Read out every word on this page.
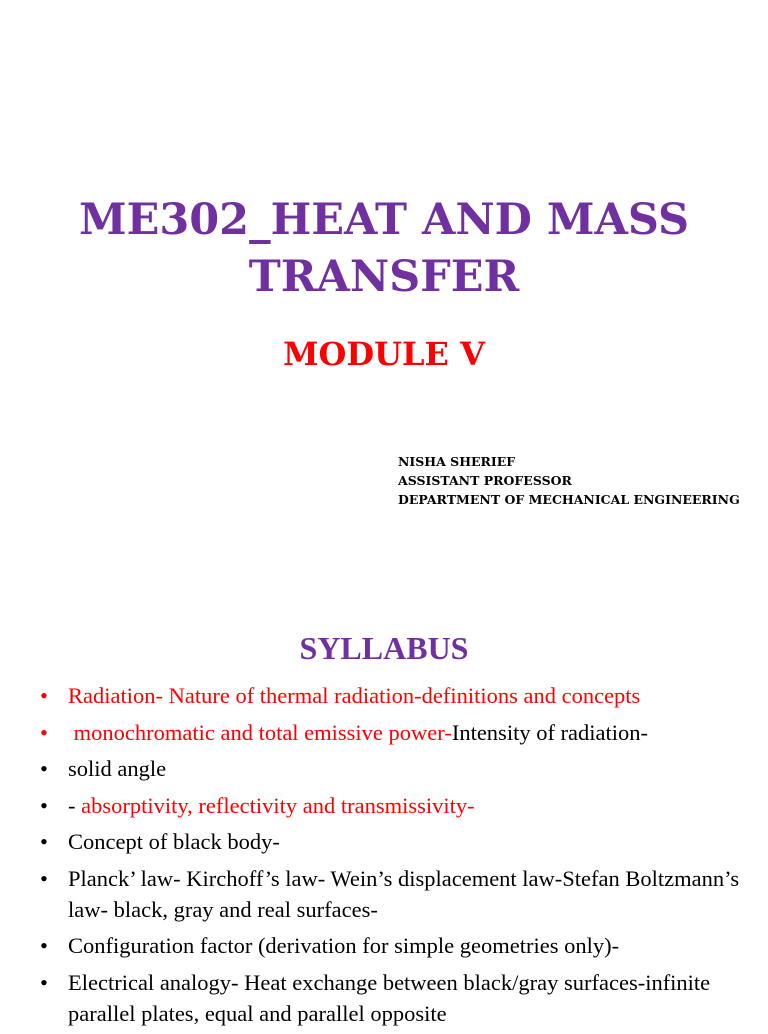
ME302_HEAT AND MASS
TRANSFER
MODULE V
NISHA SHERIEF
ASSISTANT PROFESSOR
DEPARTMENT OF MECHANICAL ENGINEERING
SYLLABUS
• Radiation- Nature of thermal radiation-definitions and concepts
•  monochromatic and total emissive power-Intensity of radiation-
• solid angle
• - absorptivity, reflectivity and transmissivity-
• Concept of black body-
• Planck’ law- Kirchoff’s law- Wein’s displacement law-Stefan Boltzmann’s law- black, gray and real surfaces-
• Configuration factor (derivation for simple geometries only)-
• Electrical analogy- Heat exchange between black/gray surfaces-infinite parallel plates, equal and parallel opposite
